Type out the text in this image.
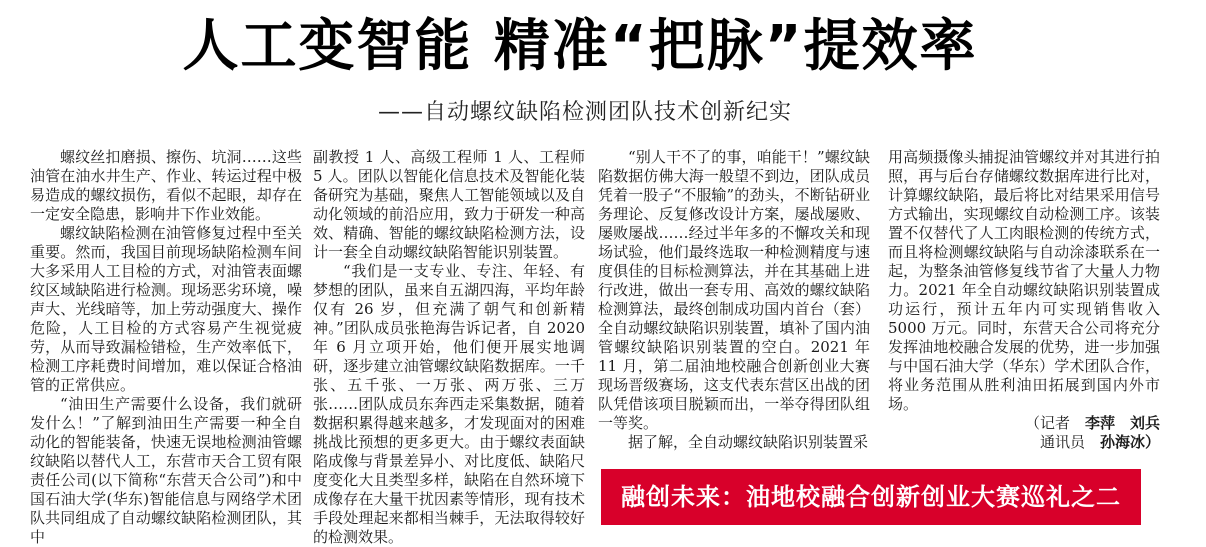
人工变智能 精准“把脉”提效率
——自动螺纹缺陷检测团队技术创新纪实

螺纹丝扣磨损、擦伤、坑洞……这些油管在油水井生产、作业、转运过程中极易造成的螺纹损伤，看似不起眼，却存在一定安全隐患，影响井下作业效能。

螺纹缺陷检测在油管修复过程中至关重要。然而，我国目前现场缺陷检测车间大多采用人工目检的方式，对油管表面螺纹区域缺陷进行检测。现场恶劣环境，噪声大、光线暗等，加上劳动强度大、操作危险，人工目检的方式容易产生视觉疲劳，从而导致漏检错检，生产效率低下，检测工序耗费时间增加，难以保证合格油管的正常供应。

“油田生产需要什么设备，我们就研发什么！”了解到油田生产需要一种全自动化的智能装备，快速无误地检测油管螺纹缺陷以替代人工，东营市天合工贸有限责任公司(以下简称“东营天合公司”)和中国石油大学(华东)智能信息与网络学术团队共同组成了自动螺纹缺陷检测团队，其中

副教授 1 人、高级工程师 1 人、工程师 5 人。团队以智能化信息技术及智能化装备研究为基础，聚焦人工智能领域以及自动化领域的前沿应用，致力于研发一种高效、精确、智能的螺纹缺陷检测方法，设计一套全自动螺纹缺陷智能识别装置。

“我们是一支专业、专注、年轻、有梦想的团队，虽来自五湖四海，平均年龄仅有 26 岁，但充满了朝气和创新精神。”团队成员张艳海告诉记者，自 2020 年 6 月立项开始，他们便开展实地调研，逐步建立油管螺纹缺陷数据库。一千张、五千张、一万张、两万张、三万张……团队成员东奔西走采集数据，随着数据积累得越来越多，才发现面对的困难挑战比预想的更多更大。由于螺纹表面缺陷成像与背景差异小、对比度低、缺陷尺度变化大且类型多样，缺陷在自然环境下成像存在大量干扰因素等情形，现有技术手段处理起来都相当棘手，无法取得较好的检测效果。

“别人干不了的事，咱能干！”螺纹缺陷数据仿佛大海一般望不到边，团队成员凭着一股子“不服输”的劲头，不断钻研业务理论、反复修改设计方案，屡战屡败、屡败屡战……经过半年多的不懈攻关和现场试验，他们最终选取一种检测精度与速度俱佳的目标检测算法，并在其基础上进行改进，做出一套专用、高效的螺纹缺陷检测算法，最终创制成功国内首台（套）全自动螺纹缺陷识别装置，填补了国内油管螺纹缺陷识别装置的空白。2021 年 11 月，第二届油地校融合创新创业大赛现场晋级赛场，这支代表东营区出战的团队凭借该项目脱颖而出，一举夺得团队组一等奖。

据了解，全自动螺纹缺陷识别装置采

用高频摄像头捕捉油管螺纹并对其进行拍照，再与后台存储螺纹数据库进行比对，计算螺纹缺陷，最后将比对结果采用信号方式输出，实现螺纹自动检测工序。该装置不仅替代了人工肉眼检测的传统方式，而且将检测螺纹缺陷与自动涂漆联系在一起，为整条油管修复线节省了大量人力物力。2021 年全自动螺纹缺陷识别装置成功运行，预计五年内可实现销售收入 5000 万元。同时，东营天合公司将充分发挥油地校融合发展的优势，进一步加强与中国石油大学（华东）学术团队合作，将业务范围从胜利油田拓展到国内外市场。

（记者　 李萍　刘兵　
通讯员　 孙海冰）
融创未来：油地校融合创新创业大赛巡礼之二
